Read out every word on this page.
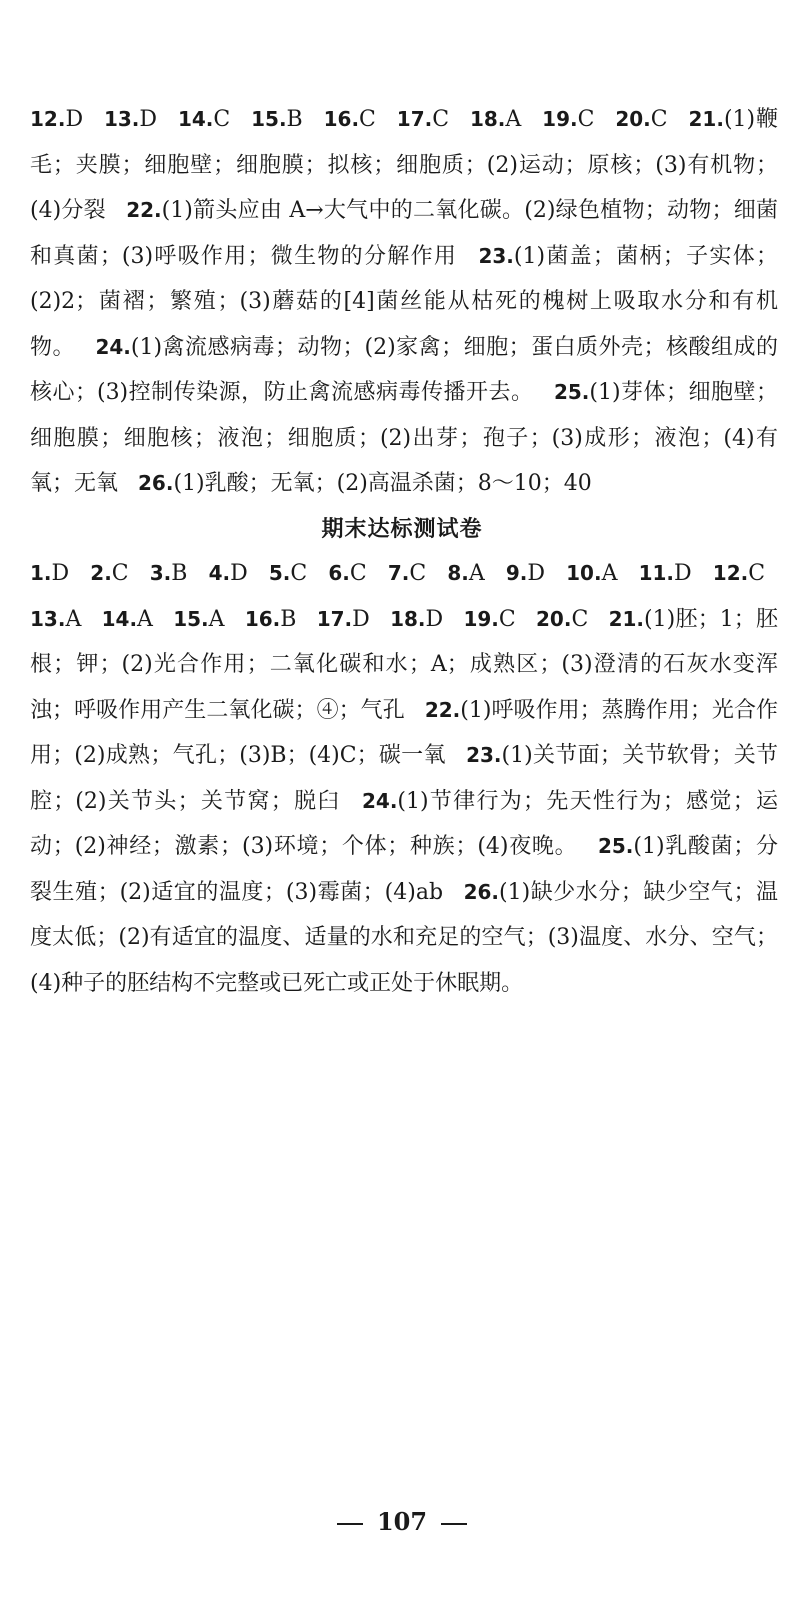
12.D 13.D 14.C 15.B 16.C 17.C 18.A 19.C 20.C 21.(1)鞭毛；夹膜；细胞壁；细胞膜；拟核；细胞质；(2)运动；原核；(3)有机物；(4)分裂 22.(1)箭头应由 A→大气中的二氧化碳。(2)绿色植物；动物；细菌和真菌；(3)呼吸作用；微生物的分解作用 23.(1)菌盖；菌柄；子实体；(2)2；菌褶；繁殖；(3)蘑菇的[4]菌丝能从枯死的槐树上吸取水分和有机物。 24.(1)禽流感病毒；动物；(2)家禽；细胞；蛋白质外壳；核酸组成的核心；(3)控制传染源，防止禽流感病毒传播开去。 25.(1)芽体；细胞壁；细胞膜；细胞核；液泡；细胞质；(2)出芽；孢子；(3)成形；液泡；(4)有氧；无氧 26.(1)乳酸；无氧；(2)高温杀菌；8～10；40
期末达标测试卷
1.D 2.C 3.B 4.D 5.C 6.C 7.C 8.A 9.D 10.A 11.D 12.C 13.A 14.A 15.A 16.B 17.D 18.D 19.C 20.C 21.(1)胚；1；胚根；钾；(2)光合作用；二氧化碳和水；A；成熟区；(3)澄清的石灰水变浑浊；呼吸作用产生二氧化碳；④；气孔 22.(1)呼吸作用；蒸腾作用；光合作用；(2)成熟；气孔；(3)B；(4)C；碳一氧 23.(1)关节面；关节软骨；关节腔；(2)关节头；关节窝；脱臼 24.(1)节律行为；先天性行为；感觉；运动；(2)神经；激素；(3)环境；个体；种族；(4)夜晚。 25.(1)乳酸菌；分裂生殖；(2)适宜的温度；(3)霉菌；(4)ab 26.(1)缺少水分；缺少空气；温度太低；(2)有适宜的温度、适量的水和充足的空气；(3)温度、水分、空气；(4)种子的胚结构不完整或已死亡或正处于休眠期。
107
